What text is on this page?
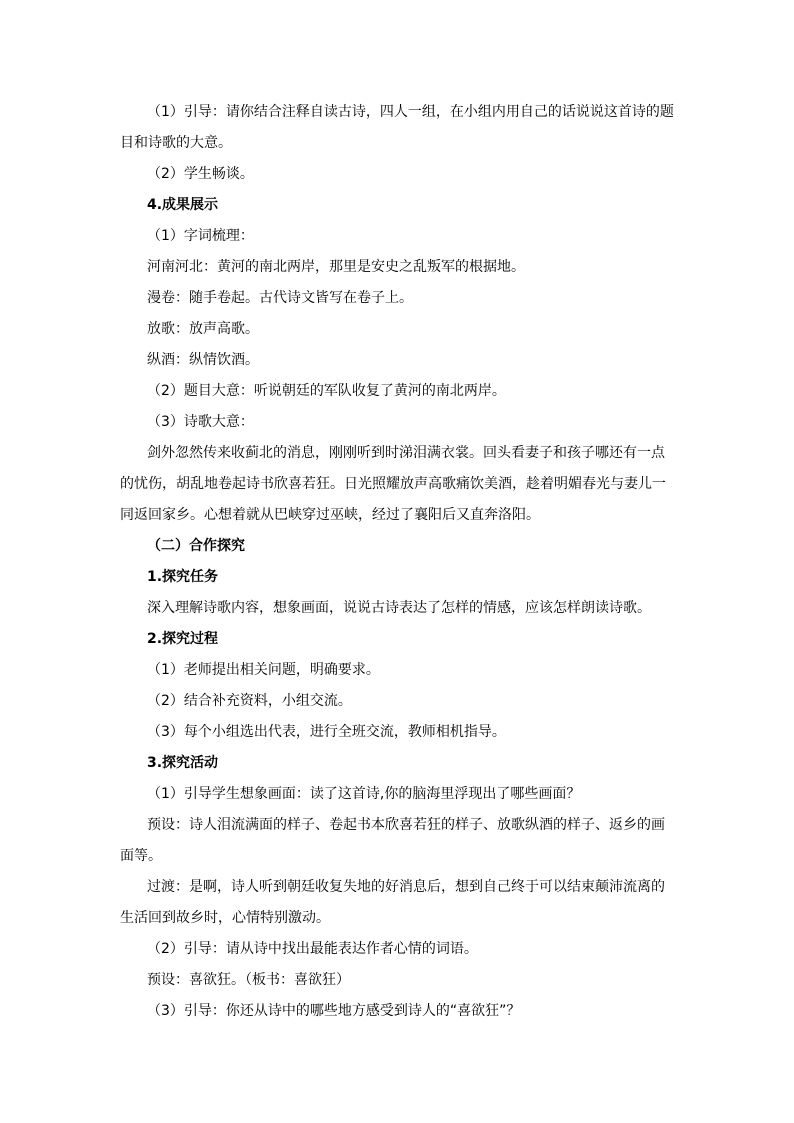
（1）引导：请你结合注释自读古诗，四人一组，在小组内用自己的话说说这首诗的题
目和诗歌的大意。
（2）学生畅谈。
4.成果展示
（1）字词梳理：
河南河北：黄河的南北两岸，那里是安史之乱叛军的根据地。
漫卷：随手卷起。古代诗文皆写在卷子上。
放歌：放声高歌。
纵酒：纵情饮酒。
（2）题目大意：听说朝廷的军队收复了黄河的南北两岸。
（3）诗歌大意：
剑外忽然传来收蓟北的消息，刚刚听到时涕泪满衣裳。回头看妻子和孩子哪还有一点
的忧伤，胡乱地卷起诗书欣喜若狂。日光照耀放声高歌痛饮美酒，趁着明媚春光与妻儿一
同返回家乡。心想着就从巴峡穿过巫峡，经过了襄阳后又直奔洛阳。
（二）合作探究
1.探究任务
深入理解诗歌内容，想象画面，说说古诗表达了怎样的情感，应该怎样朗读诗歌。
2.探究过程
（1）老师提出相关问题，明确要求。
（2）结合补充资料，小组交流。
（3）每个小组选出代表，进行全班交流，教师相机指导。
3.探究活动
（1）引导学生想象画面：读了这首诗,你的脑海里浮现出了哪些画面？
预设：诗人泪流满面的样子、卷起书本欣喜若狂的样子、放歌纵酒的样子、返乡的画
面等。
过渡：是啊，诗人听到朝廷收复失地的好消息后，想到自己终于可以结束颠沛流离的
生活回到故乡时，心情特别激动。
（2）引导：请从诗中找出最能表达作者心情的词语。
预设：喜欲狂。（板书：喜欲狂）
（3）引导：你还从诗中的哪些地方感受到诗人的“喜欲狂”？
